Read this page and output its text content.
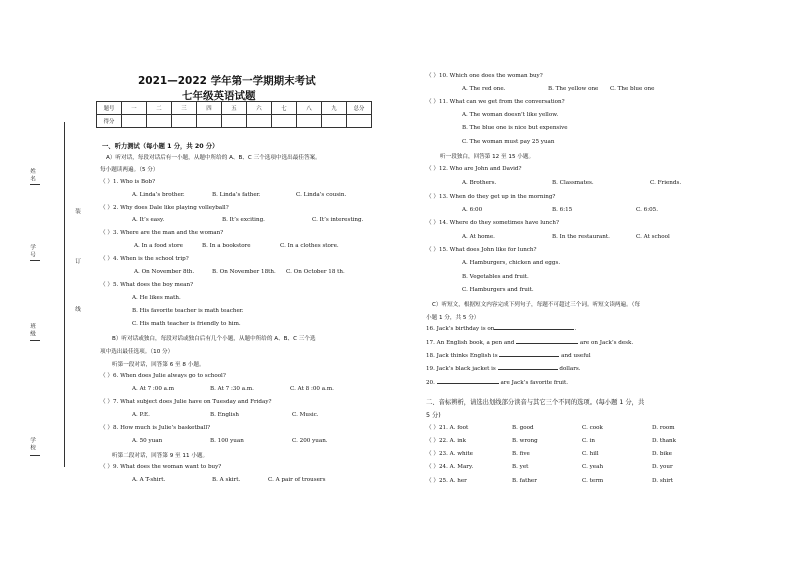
姓 名
学 号
班 级
学 校
装
订
线
2021—2022 学年第一学期期末考试
七年级英语试题
题号	一	二	三	四	五	六	七	八	九	总分
得分										
一、听力测试（每小题 1 分，共 20 分）
A）听对话，每段对话后有一小题，从题中所给的 A、B、C 三个选项中选出最佳答案。
每小题读两遍。（5 分）
（ ）1. Who is Bob?
A. Linda’s brother.	B. Linda’s father.	C. Linda’s cousin.
（ ）2. Why does Dale like playing volleyball?
A. It’s easy.	B. It’s exciting.	C. It’s interesting.
（ ）3. Where are the man and the woman?
A. In a food store	B. In a bookstore	C. In a clothes store.
（ ）4. When is the school trip?
A. On November 8th.	B. On November 18th. C. On October 18 th.
（ ）5. What does the boy mean?
A. He likes math.
B. His favorite teacher is math teacher.
C. His math teacher is friendly to him.
B）听对话或独白，每段对话或独白后有几个小题，从题中所给的 A、B、C 三个选
项中选出最佳选项。（10 分）
听第一段对话，回答第 6 至 8 小题。
（ ）6. When does Julie always go to school?
A. At 7 :00 a.m	B. At 7 :30 a.m.	C. At 8 :00 a.m.
（ ）7. What subject does Julie have on Tuesday and Friday?
A. P.E.	B. English	C. Music.
（ ）8. How much is Julie’s basketball?
A. 50 yuan	B. 100 yuan	C. 200 yuan.
听第二段对话，回答第 9 至 11 小题。
（ ）9. What does the woman want to buy?
A. A T-shirt.	B. A skirt.	C. A pair of trousers
（ ）10. Which one does the woman buy?
A. The red one.	B. The yellow one C. The blue one
（ ）11. What can we get from the conversation?
A. The woman doesn’t like yellow.
B. The blue one is nice but expensive
C. The woman must pay 25 yuan
听一段独白，回答第 12 至 15 小题。
（ ）12. Who are John and David?
A. Brothers.	B. Classmates.	C. Friends.
（ ）13. When do they get up in the morning?
A. 6:00	B. 6:15	C. 6:05.
（ ）14. Where do they sometimes have lunch?
A. At home.	B. In the restaurant.	C. At school
（ ）15. What does John like for lunch?
A. Hamburgers, chicken and eggs.
B. Vegetables and fruit.
C. Hamburgers and fruit.
C）听短文，根据短文内容完成下列句子，每题不可超过三个词。听短文读两遍。（每
小题 1 分，共 5 分）
16. Jack’s birthday is on	.
17. An English book, a pen and	are on Jack’s desk.
18. Jack thinks English is	and useful
19. Jack’s black jacket is	dollars.
20.	are Jack’s favorite fruit.
二、音标辨析，请选出划线部分读音与其它三个不同的选项。(每小题 1 分，共
5 分)
（ ）21. A. foot	B. good	C. cook	D. room
（ ）22. A. ink	B. wrong	C. in	D. thank
（ ）23. A. white	B. five	C. hill	D. bike
（ ）24. A. Mary.	B. yet	C. yeah	D. your
（ ）25. A. her	B. father	C. term	D. shirt
